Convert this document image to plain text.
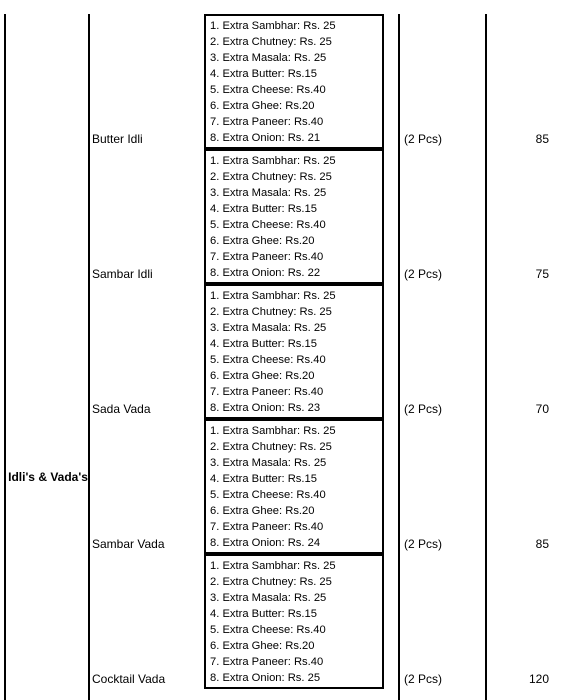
Idli's & Vada's
Butter Idli
1. Extra Sambhar: Rs. 25
2. Extra Chutney: Rs. 25
3. Extra Masala: Rs. 25
4. Extra Butter: Rs.15
5. Extra Cheese: Rs.40
6. Extra Ghee: Rs.20
7. Extra Paneer: Rs.40
8. Extra Onion: Rs. 21	(2 Pcs)	85
Sambar Idli
1. Extra Sambhar: Rs. 25
2. Extra Chutney: Rs. 25
3. Extra Masala: Rs. 25
4. Extra Butter: Rs.15
5. Extra Cheese: Rs.40
6. Extra Ghee: Rs.20
7. Extra Paneer: Rs.40
8. Extra Onion: Rs. 22	(2 Pcs)	75
Sada Vada
1. Extra Sambhar: Rs. 25
2. Extra Chutney: Rs. 25
3. Extra Masala: Rs. 25
4. Extra Butter: Rs.15
5. Extra Cheese: Rs.40
6. Extra Ghee: Rs.20
7. Extra Paneer: Rs.40
8. Extra Onion: Rs. 23	(2 Pcs)	70
Sambar Vada
1. Extra Sambhar: Rs. 25
2. Extra Chutney: Rs. 25
3. Extra Masala: Rs. 25
4. Extra Butter: Rs.15
5. Extra Cheese: Rs.40
6. Extra Ghee: Rs.20
7. Extra Paneer: Rs.40
8. Extra Onion: Rs. 24	(2 Pcs)	85
Cocktail Vada
1. Extra Sambhar: Rs. 25
2. Extra Chutney: Rs. 25
3. Extra Masala: Rs. 25
4. Extra Butter: Rs.15
5. Extra Cheese: Rs.40
6. Extra Ghee: Rs.20
7. Extra Paneer: Rs.40
8. Extra Onion: Rs. 25	(2 Pcs)	120
